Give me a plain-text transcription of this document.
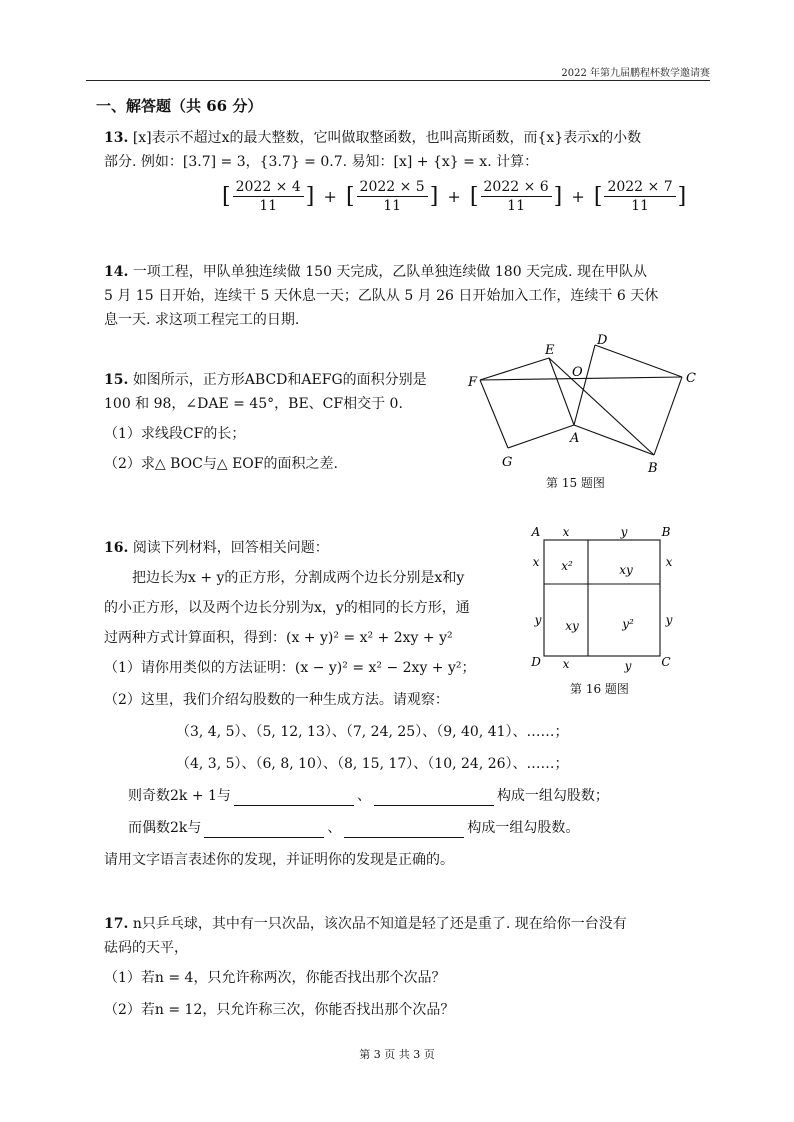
2022 年第九届鹏程杯数学邀请赛
一、解答题（共 66 分）
13. [x]表示不超过x的最大整数，它叫做取整函数，也叫高斯函数，而{x}表示x的小数
部分. 例如：[3.7] = 3，{3.7} = 0.7. 易知：[x] + {x} = x. 计算：
[ $\frac{2022 \times 4}{11}$ ] + [ $\frac{2022 \times 5}{11}$ ] + [ $\frac{2022 \times 6}{11}$ ] + [ $\frac{2022 \times 7}{11}$ ]
14. 一项工程，甲队单独连续做 150 天完成，乙队单独连续做 180 天完成. 现在甲队从
5 月 15 日开始，连续干 5 天休息一天；乙队从 5 月 26 日开始加入工作，连续干 6 天休
息一天. 求这项工程完工的日期.
15. 如图所示，正方形ABCD和AEFG的面积分别是
100 和 98，∠DAE = 45°，BE、CF相交于 0.
（1）求线段CF的长；
（2）求△ BOC与△ EOF的面积之差.
D
E
O
F	C
A
G	B
第 15 题图
16. 阅读下列材料，回答相关问题：
把边长为x + y的正方形，分割成两个边长分别是x和y
的小正方形，以及两个边长分别为x，y的相同的长方形，通
过两种方式计算面积，得到：(x + y)² = x² + 2xy + y²
（1）请你用类似的方法证明：(x − y)² = x² − 2xy + y²；
（2）这里，我们介绍勾股数的一种生成方法。请观察：
（3, 4, 5）、（5, 12, 13）、（7, 24, 25）、（9, 40, 41）、……；
（4, 3, 5）、（6, 8, 10）、（8, 15, 17）、（10, 24, 26）、……；
则奇数2k + 1与	、	构成一组勾股数；
而偶数2k与	、	构成一组勾股数。
请用文字语言表述你的发现，并证明你的发现是正确的。
A	B
C
D
x	y
x	y
x
y
x
y
x²	xy
xy	y²
第 16 题图
17. n只乒乓球，其中有一只次品，该次品不知道是轻了还是重了. 现在给你一台没有
砝码的天平，
（1）若n = 4，只允许称两次，你能否找出那个次品？
（2）若n = 12，只允许称三次，你能否找出那个次品？
第 3 页 共 3 页
